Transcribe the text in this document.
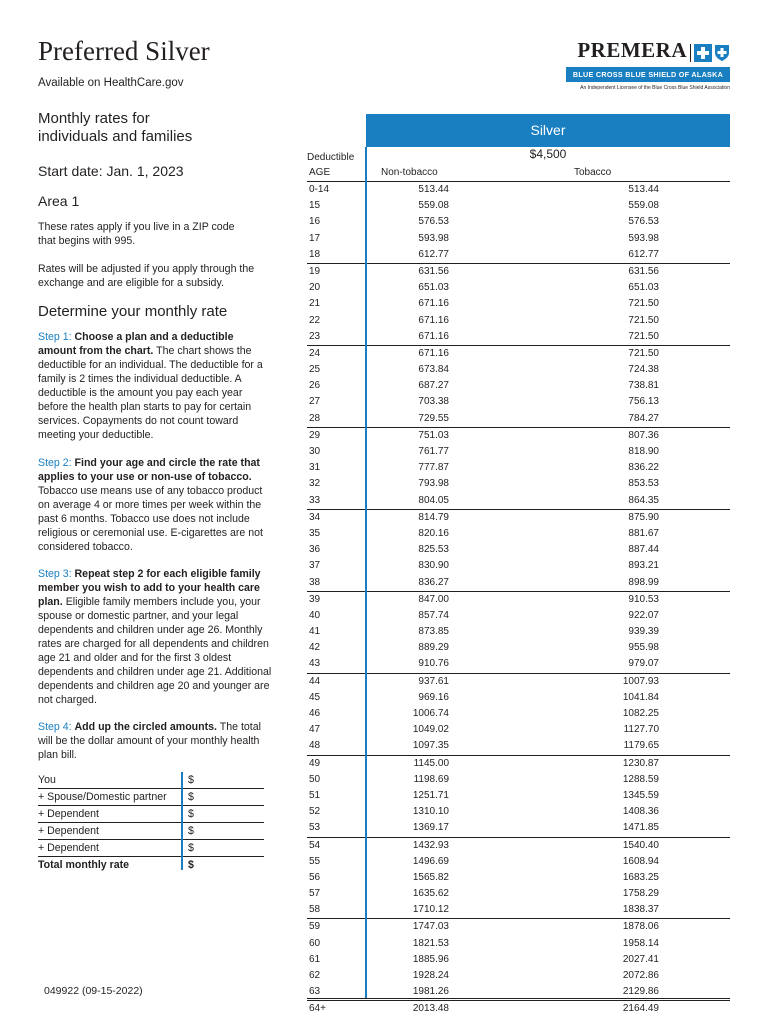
Preferred Silver
Available on HealthCare.gov
PREMERA
BLUE CROSS BLUE SHIELD OF ALASKA
An Independent Licensee of the Blue Cross Blue Shield Association
Monthly rates for
individuals and families
Start date: Jan. 1, 2023
Area 1
These rates apply if you live in a ZIP code
that begins with 995.
Rates will be adjusted if you apply through the
exchange and are eligible for a subsidy.
Determine your monthly rate
Step 1: Choose a plan and a deductible amount from the chart. The chart shows the deductible for an individual. The deductible for a family is 2 times the individual deductible. A deductible is the amount you pay each year before the health plan starts to pay for certain services. Copayments do not count toward meeting your deductible.
Step 2: Find your age and circle the rate that applies to your use or non-use of tobacco. Tobacco use means use of any tobacco product on average 4 or more times per week within the past 6 months. Tobacco use does not include religious or ceremonial use. E-cigarettes are not considered tobacco.
Step 3: Repeat step 2 for each eligible family member you wish to add to your health care plan. Eligible family members include you, your spouse or domestic partner, and your legal dependents and children under age 26. Monthly rates are charged for all dependents and children age 21 and older and for the first 3 oldest dependents and children under age 21. Additional dependents and children age 20 and younger are not charged.
Step 4: Add up the circled amounts. The total will be the dollar amount of your monthly health plan bill.
You	$
+ Spouse/Domestic partner $
+ Dependent	$
+ Dependent	$
+ Dependent	$
Total monthly rate	$
Silver
Deductible	$4,500
AGE	Non-tobacco	Tobacco
0-14	513.44	513.44
15	559.08	559.08
16	576.53	576.53
17	593.98	593.98
18	612.77	612.77
19	631.56	631.56
20	651.03	651.03
21	671.16	721.50
22	671.16	721.50
23	671.16	721.50
24	671.16	721.50
25	673.84	724.38
26	687.27	738.81
27	703.38	756.13
28	729.55	784.27
29	751.03	807.36
30	761.77	818.90
31	777.87	836.22
32	793.98	853.53
33	804.05	864.35
34	814.79	875.90
35	820.16	881.67
36	825.53	887.44
37	830.90	893.21
38	836.27	898.99
39	847.00	910.53
40	857.74	922.07
41	873.85	939.39
42	889.29	955.98
43	910.76	979.07
44	937.61	1007.93
45	969.16	1041.84
46	1006.74	1082.25
47	1049.02	1127.70
48	1097.35	1179.65
49	1145.00	1230.87
50	1198.69	1288.59
51	1251.71	1345.59
52	1310.10	1408.36
53	1369.17	1471.85
54	1432.93	1540.40
55	1496.69	1608.94
56	1565.82	1683.25
57	1635.62	1758.29
58	1710.12	1838.37
59	1747.03	1878.06
60	1821.53	1958.14
61	1885.96	2027.41
62	1928.24	2072.86
63	1981.26	2129.86
64+	2013.48	2164.49
049922 (09-15-2022)
